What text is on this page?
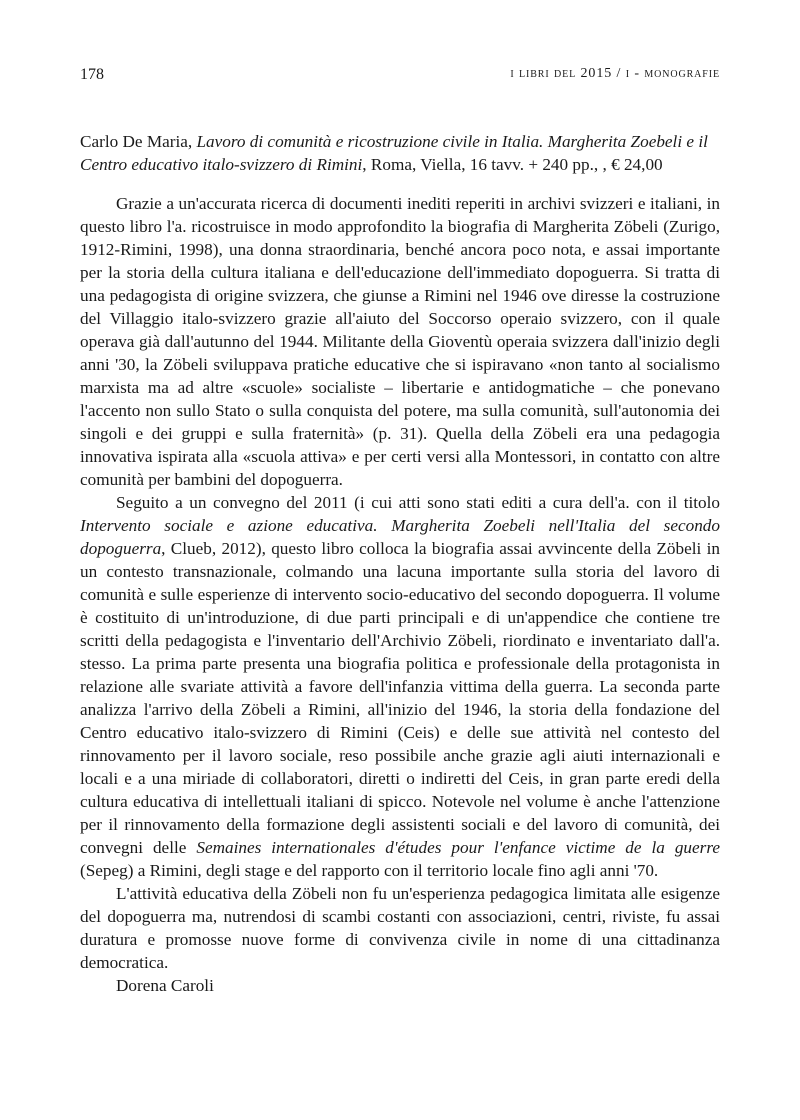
178	i libri del 2015 / i - monografie

Carlo De Maria, Lavoro di comunità e ricostruzione civile in Italia. Margherita Zoebeli e il Centro educativo italo-svizzero di Rimini, Roma, Viella, 16 tavv. + 240 pp., , € 24,00

Grazie a un'accurata ricerca di documenti inediti reperiti in archivi svizzeri e italiani, in questo libro l'a. ricostruisce in modo approfondito la biografia di Margherita Zöbeli (Zurigo, 1912-Rimini, 1998), una donna straordinaria, benché ancora poco nota, e assai importante per la storia della cultura italiana e dell'educazione dell'immediato dopoguerra. Si tratta di una pedagogista di origine svizzera, che giunse a Rimini nel 1946 ove diresse la costruzione del Villaggio italo-svizzero grazie all'aiuto del Soccorso operaio svizzero, con il quale operava già dall'autunno del 1944. Militante della Gioventù operaia svizzera dall'inizio degli anni '30, la Zöbeli sviluppava pratiche educative che si ispiravano «non tanto al socialismo marxista ma ad altre «scuole» socialiste – libertarie e antidogmatiche – che ponevano l'accento non sullo Stato o sulla conquista del potere, ma sulla comunità, sull'autonomia dei singoli e dei gruppi e sulla fraternità» (p. 31). Quella della Zöbeli era una pedagogia innovativa ispirata alla «scuola attiva» e per certi versi alla Montessori, in contatto con altre comunità per bambini del dopoguerra.

Seguito a un convegno del 2011 (i cui atti sono stati editi a cura dell'a. con il titolo Intervento sociale e azione educativa. Margherita Zoebeli nell'Italia del secondo dopoguerra, Clueb, 2012), questo libro colloca la biografia assai avvincente della Zöbeli in un contesto transnazionale, colmando una lacuna importante sulla storia del lavoro di comunità e sulle esperienze di intervento socio-educativo del secondo dopoguerra. Il volume è costituito di un'introduzione, di due parti principali e di un'appendice che contiene tre scritti della pedagogista e l'inventario dell'Archivio Zöbeli, riordinato e inventariato dall'a. stesso. La prima parte presenta una biografia politica e professionale della protagonista in relazione alle svariate attività a favore dell'infanzia vittima della guerra. La seconda parte analizza l'arrivo della Zöbeli a Rimini, all'inizio del 1946, la storia della fondazione del Centro educativo italo-svizzero di Rimini (Ceis) e delle sue attività nel contesto del rinnovamento per il lavoro sociale, reso possibile anche grazie agli aiuti internazionali e locali e a una miriade di collaboratori, diretti o indiretti del Ceis, in gran parte eredi della cultura educativa di intellettuali italiani di spicco. Notevole nel volume è anche l'attenzione per il rinnovamento della formazione degli assistenti sociali e del lavoro di comunità, dei convegni delle Semaines internationales d'études pour l'enfance victime de la guerre (Sepeg) a Rimini, degli stage e del rapporto con il territorio locale fino agli anni '70.

L'attività educativa della Zöbeli non fu un'esperienza pedagogica limitata alle esigenze del dopoguerra ma, nutrendosi di scambi costanti con associazioni, centri, riviste, fu assai duratura e promosse nuove forme di convivenza civile in nome di una cittadinanza democratica.

Dorena Caroli
